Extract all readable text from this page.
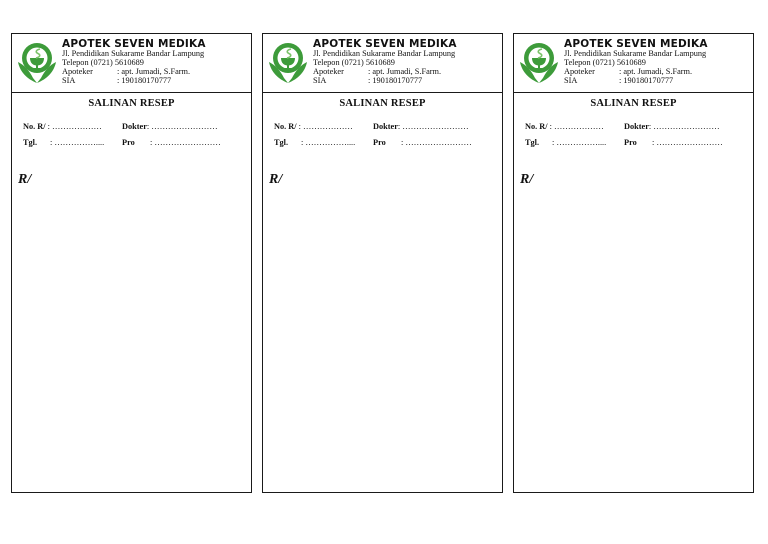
APOTEK SEVEN MEDIKA
Jl. Pendidikan Sukarame Bandar Lampung
Telepon (0721) 5610689
Apoteker	: apt. Jumadi, S.Farm.
SIA	: 190180170777
SALINAN RESEP
No. R/ : ……………… Dokter: ……………………
Tgl. : …………….... Pro : ……………………
R/
APOTEK SEVEN MEDIKA
Jl. Pendidikan Sukarame Bandar Lampung
Telepon (0721) 5610689
Apoteker	: apt. Jumadi, S.Farm.
SIA	: 190180170777
SALINAN RESEP
No. R/ : ……………… Dokter: ……………………
Tgl. : …………….... Pro : ……………………
R/
APOTEK SEVEN MEDIKA
Jl. Pendidikan Sukarame Bandar Lampung
Telepon (0721) 5610689
Apoteker	: apt. Jumadi, S.Farm.
SIA	: 190180170777
SALINAN RESEP
No. R/ : ……………… Dokter: ……………………
Tgl. : …………….... Pro : ……………………
R/
